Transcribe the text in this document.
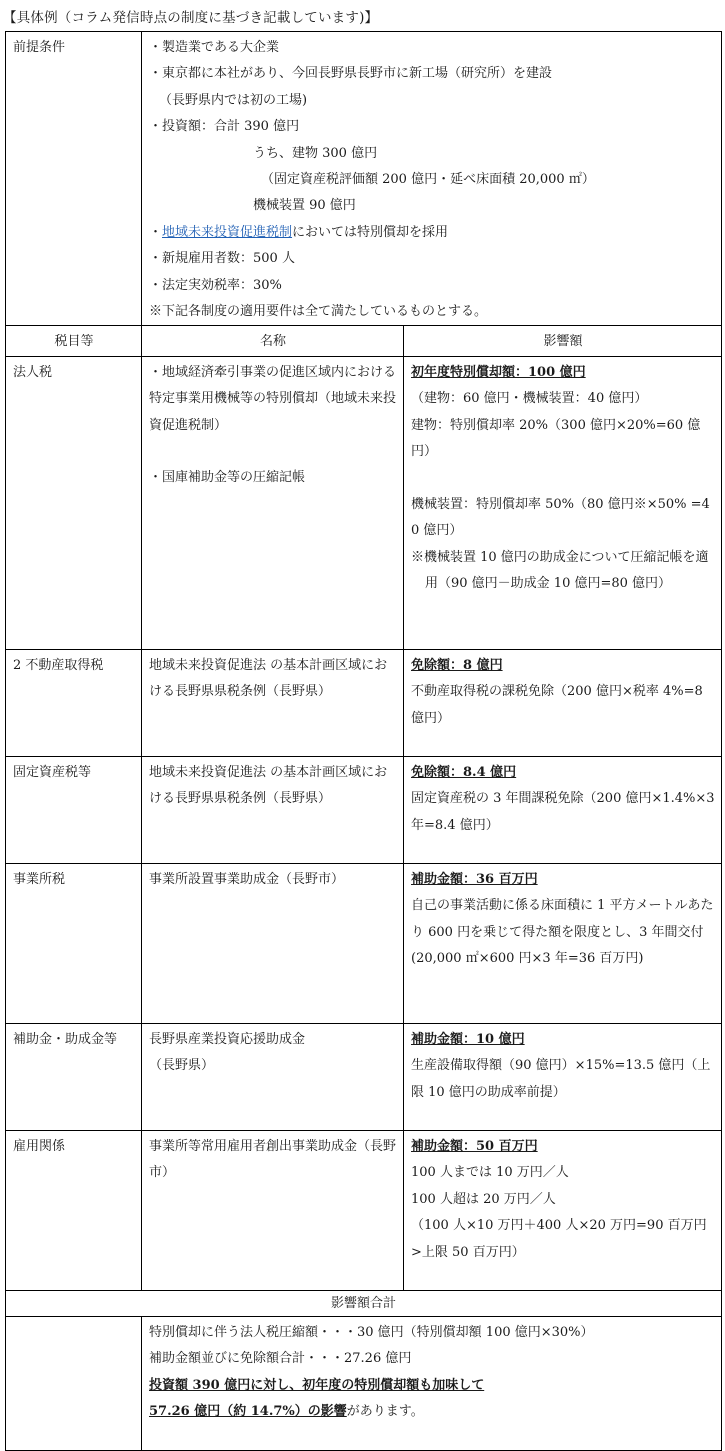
【具体例（コラム発信時点の制度に基づき記載しています)】
前提条件	・製造業である大企業
・東京都に本社があり、今回長野県長野市に新工場（研究所）を建設
（長野県内では初の工場)
・投資額：合計 390 億円
うち、建物 300 億円
（固定資産税評価額 200 億円・延べ床面積 20,000 ㎡）
機械装置 90 億円
・地域未来投資促進税制においては特別償却を採用
・新規雇用者数：500 人
・法定実効税率：30%
※下記各制度の適用要件は全て満たしているものとする。

税目等	名称	影響額
法人税	・地域経済牽引事業の促進区域内における特定事業用機械等の特別償却（地域未来投資促進税制）
・国庫補助金等の圧縮記帳	初年度特別償却額：100 億円
（建物：60 億円・機械装置：40 億円）
建物：特別償却率 20%（300 億円×20%=60 億円）
機械装置：特別償却率 50%（80 億円※×50% =40 億円）
※機械装置 10 億円の助成金について圧縮記帳を適用（90 億円－助成金 10 億円=80 億円）

2 不動産取得税	地域未来投資促進法 の基本計画区域における長野県県税条例（長野県）	免除額：8 億円
不動産取得税の課税免除（200 億円×税率 4%=8 億円）

固定資産税等	地域未来投資促進法 の基本計画区域における長野県県税条例（長野県）	免除額：8.4 億円
固定資産税の 3 年間課税免除（200 億円×1.4%×3 年=8.4 億円）

事業所税	事業所設置事業助成金（長野市）	補助金額：36 百万円
自己の事業活動に係る床面積に 1 平方メートルあたり 600 円を乗じて得た額を限度とし、3 年間交付(20,000 ㎡×600 円×3 年=36 百万円)

補助金・助成金等	長野県産業投資応援助成金
（長野県）	補助金額：10 億円
生産設備取得額（90 億円）×15%=13.5 億円（上限 10 億円の助成率前提）

雇用関係	事業所等常用雇用者創出事業助成金（長野市）	補助金額：50 百万円
100 人までは 10 万円／人
100 人超は 20 万円／人
（100 人×10 万円＋400 人×20 万円=90 百万円>上限 50 百万円）

影響額合計		

	特別償却に伴う法人税圧縮額・・・30 億円（特別償却額 100 億円×30%）
補助金額並びに免除額合計・・・27.26 億円
投資額 390 億円に対し、初年度の特別償却額も加味して
57.26 億円（約 14.7%）の影響があります。	
